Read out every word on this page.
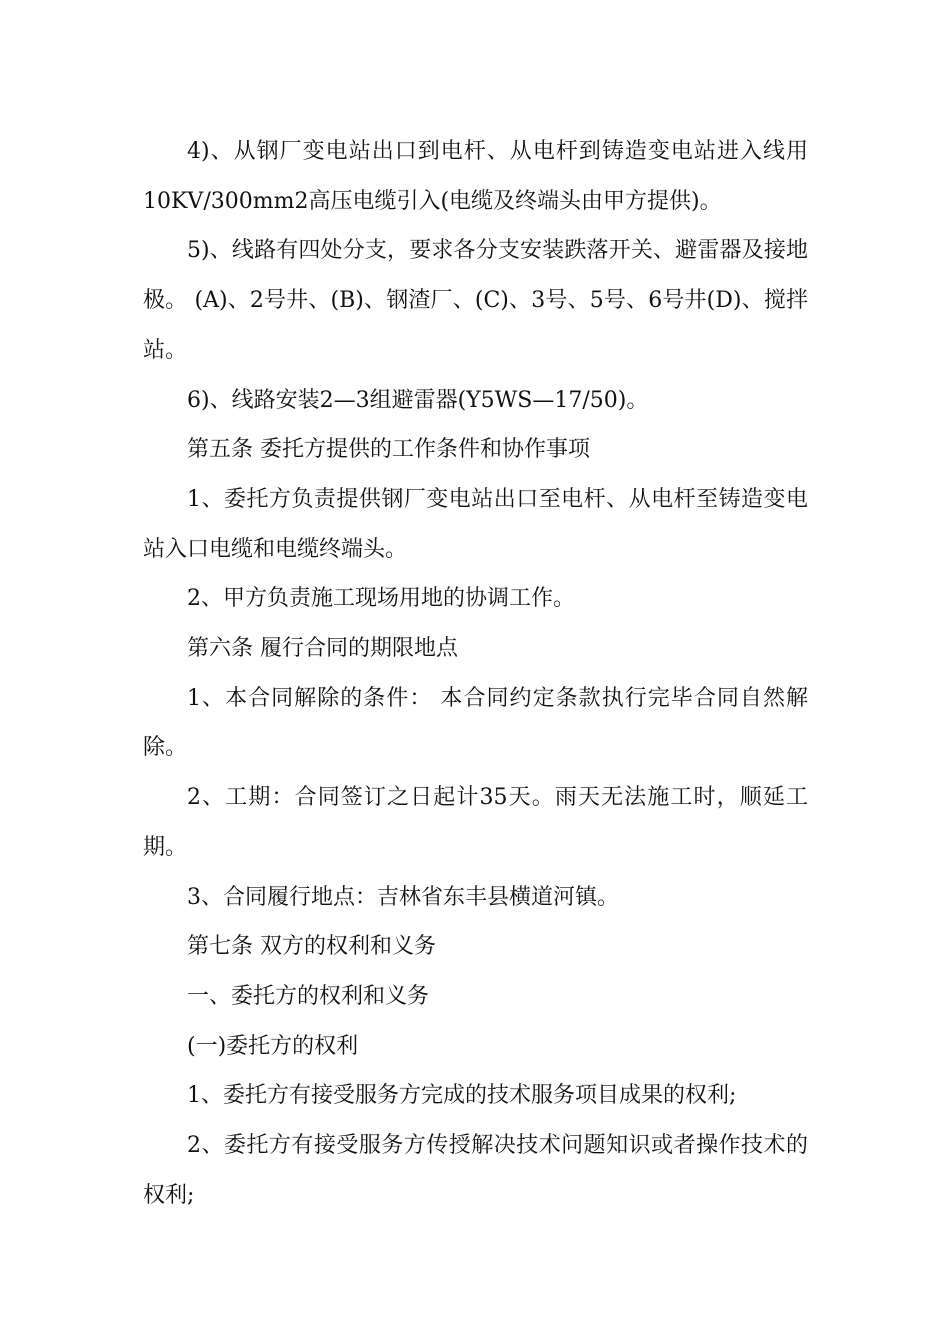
4)、从钢厂变电站出口到电杆、从电杆到铸造变电站进入线用10KV/300mm2高压电缆引入(电缆及终端头由甲方提供)。

5)、线路有四处分支，要求各分支安装跌落开关、避雷器及接地极。 (A)、2号井、(B)、钢渣厂、(C)、3号、5号、6号井(D)、搅拌站。

6)、线路安装2—3组避雷器(Y5WS—17/50)。

第五条 委托方提供的工作条件和协作事项

1、委托方负责提供钢厂变电站出口至电杆、从电杆至铸造变电站入口电缆和电缆终端头。

2、甲方负责施工现场用地的协调工作。

第六条 履行合同的期限地点

1、本合同解除的条件： 本合同约定条款执行完毕合同自然解除。

2、工期：合同签订之日起计35天。雨天无法施工时，顺延工期。

3、合同履行地点：吉林省东丰县横道河镇。

第七条 双方的权利和义务

一、委托方的权利和义务

(一)委托方的权利

1、委托方有接受服务方完成的技术服务项目成果的权利;

2、委托方有接受服务方传授解决技术问题知识或者操作技术的权利;
